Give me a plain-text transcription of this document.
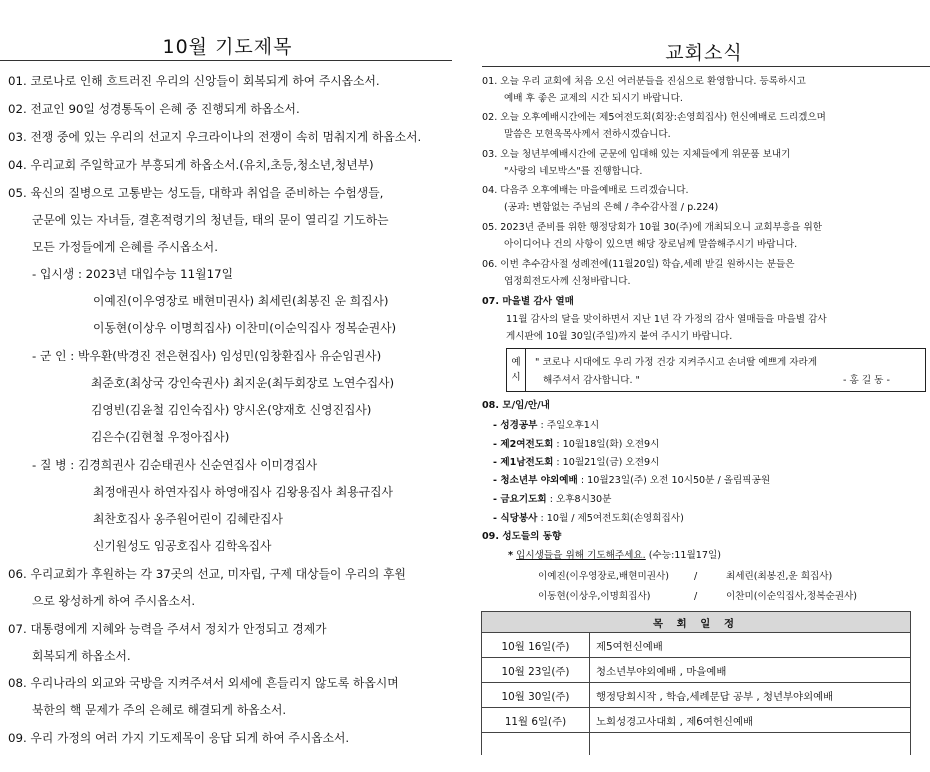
10월 기도제목
01. 코로나로 인해 흐트러진 우리의 신앙들이 회복되게 하여 주시옵소서.
02. 전교인 90일 성경통독이 은혜 중 진행되게 하옵소서.
03. 전쟁 중에 있는 우리의 선교지 우크라이나의 전쟁이 속히 멈춰지게 하옵소서.
04. 우리교회 주일학교가 부흥되게 하옵소서.(유치,초등,청소년,청년부)
05. 육신의 질병으로 고통받는 성도들, 대학과 취업을 준비하는 수험생들,
군문에 있는 자녀들, 결혼적령기의 청년들, 태의 문이 열리길 기도하는
모든 가정들에게 은혜를 주시옵소서.
- 입시생 : 2023년 대입수능 11월17일
이예진(이우영장로 배현미권사) 최세린(최봉진 운 희집사)
이동현(이상우 이명희집사) 이찬미(이순익집사 정복순권사)
- 군 인 : 박우환(박경진 전은현집사) 임성민(임창환집사 유순임권사)
최준호(최상국 강인숙권사) 최지운(최두회장로 노연수집사)
김영빈(김윤철 김인숙집사) 양시온(양재호 신영진집사)
김은수(김현철 우정아집사)
- 질 병 : 김경희권사 김순태권사 신순연집사 이미경집사
최정애권사 하연자집사 하영애집사 김왕용집사 최용규집사
최찬호집사 옹주원어린이 김혜란집사
신기원성도 임공호집사 김학옥집사
06. 우리교회가 후원하는 각 37곳의 선교, 미자립, 구제 대상들이 우리의 후원
으로 왕성하게 하여 주시옵소서.
07. 대통령에게 지혜와 능력을 주셔서 정치가 안정되고 경제가
회복되게 하옵소서.
08. 우리나라의 외교와 국방을 지켜주셔서 외세에 흔들리지 않도록 하옵시며
북한의 핵 문제가 주의 은혜로 해결되게 하옵소서.
09. 우리 가정의 여러 가지 기도제목이 응답 되게 하여 주시옵소서.
교회소식
01. 오늘 우리 교회에 처음 오신 여러분들을 진심으로 환영합니다. 등록하시고
예배 후 좋은 교제의 시간 되시기 바랍니다.
02. 오늘 오후예배시간에는 제5여전도회(회장:손영희집사) 헌신예배로 드리겠으며
말씀은 모현욱목사께서 전하시겠습니다.
03. 오늘 청년부예배시간에 군문에 입대해 있는 지체들에게 위문품 보내기
"사랑의 네모박스"를 진행합니다.
04. 다음주 오후예배는 마을예배로 드리겠습니다.
(공과: 변함없는 주님의 은혜 / 추수감사절 / p.224)
05. 2023년 준비를 위한 행정당회가 10월 30(주)에 개최되오니 교회부흥을 위한
아이디어나 건의 사항이 있으면 해당 장로님께 말씀해주시기 바랍니다.
06. 이번 추수감사절 성례전에(11월20일) 학습,세례 받길 원하시는 분들은
엽정희전도사께 신청바랍니다.
07. 마을별 감사 열매
11월 감사의 달을 맞이하면서 지난 1년 각 가정의 감사 열매들을 마을별 감사
게시판에 10월 30일(주일)까지 붙여 주시기 바랍니다.
예
시
" 코로나 시대에도 우리 가정 건강 지켜주시고 손녀딸 예쁘게 자라게
해주셔서 감사합니다. "	- 홍 길 동 -
08. 모/임/안/내
- 성경공부 : 주일오후1시
- 제2여전도회 : 10월18일(화) 오전9시
- 제1남전도회 : 10월21일(금) 오전9시
- 청소년부 야외예배 : 10월23일(주) 오전 10시50분 / 올림픽공원
- 금요기도회 : 오후8시30분
- 식당봉사 : 10월 / 제5여전도회(손영희집사)
09. 성도들의 동향
* 입시생들을 위해 기도해주세요. (수능:11월17일)
이예진(이우영장로,배현미권사)	/	최세린(최봉진,운 희집사)
이동현(이상우,이명희집사)	/	이찬미(이순익집사,정복순권사)
목 회 일 정	
10월 16일(주)	제5여헌신예배
10월 23일(주)	청소년부야외예배 , 마을예배
10월 30일(주)	행정당회시작 , 학습,세례문답 공부 , 청년부야외예배
11월 6일(주)	노회성경고사대회 , 제6여헌신예배
